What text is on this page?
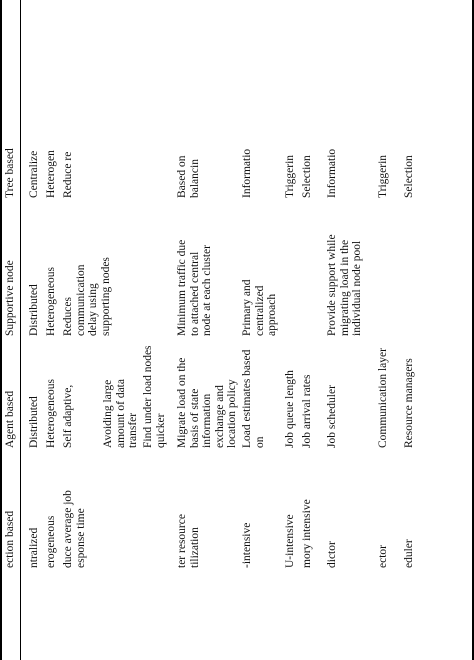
ection based
Agent based
Supportive node
Tree based
ntralized
Distributed
Distributed
Centralize
erogeneous
Heterogeneous
Heterogeneous
Heterogen
duce average job esponse time
Self adaptive,
Reduces communication delay using supporting nodes
Reduce re
Avoiding large amount of data transfer Find under load nodes quicker
ter resource tilization
Migrate load on the basis of state information exchange and location policy
Minimum traffic due to attached central node at each cluster
Based on balancin
-intensive
Load estimates based on
Primary and centralized approach
Informatio
U-intensive
Job queue length
Triggerin
mory intensive
Job arrival rates
Selection
dictor
Job scheduler
Provide support while migrating load in the individual node pool
Informatio
ector
Communication layer
Triggerin
eduler
Resource managers
Selection
